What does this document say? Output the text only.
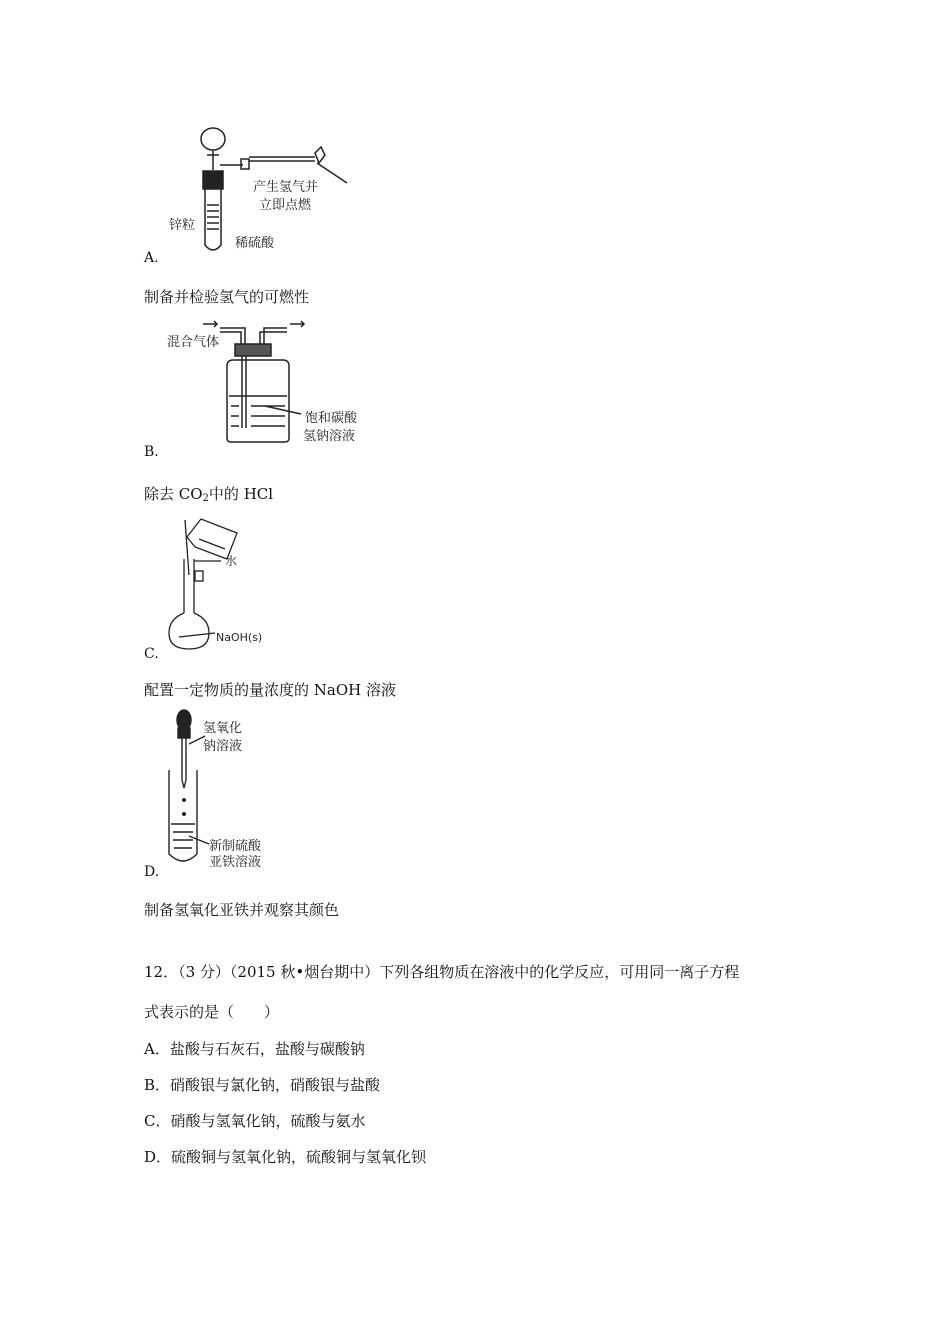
产生氢气并
立即点燃
锌粒
稀硫酸
A.
制备并检验氢气的可燃性
混合气体
饱和碳酸
氢钠溶液
B.
除去 $CO_2$中的 HCl
水
NaOH(s)
C.
配置一定物质的量浓度的 NaOH 溶液
氢氧化
钠溶液
新制硫酸
亚铁溶液
D.
制备氢氧化亚铁并观察其颜色
12．（3 分）（2015 秋•烟台期中）下列各组物质在溶液中的化学反应，可用同一离子方程
式表示的是（　　）
A．盐酸与石灰石，盐酸与碳酸钠
B．硝酸银与氯化钠，硝酸银与盐酸
C．硝酸与氢氧化钠，硫酸与氨水
D．硫酸铜与氢氧化钠，硫酸铜与氢氧化钡
